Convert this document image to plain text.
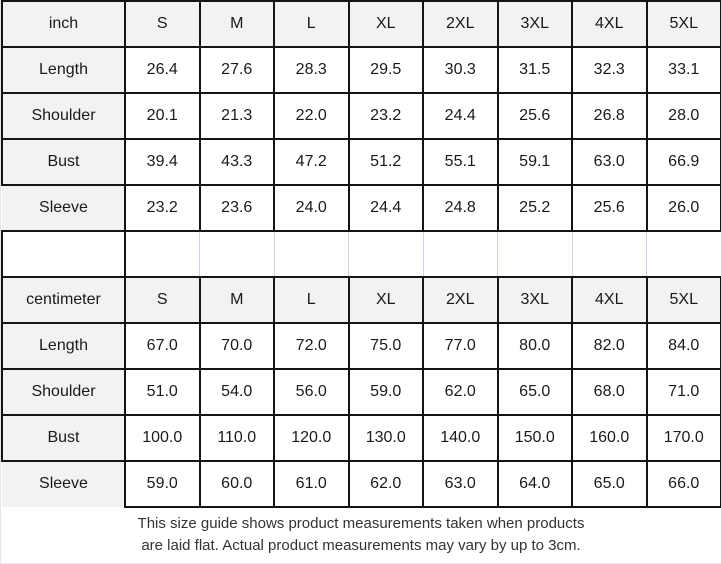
inch	S	M	L	XL	2XL	3XL	4XL	5XL
Length	26.4	27.6	28.3	29.5	30.3	31.5	32.3	33.1
Shoulder	20.1	21.3	22.0	23.2	24.4	25.6	26.8	28.0
Bust	39.4	43.3	47.2	51.2	55.1	59.1	63.0	66.9
Sleeve	23.2	23.6	24.0	24.4	24.8	25.2	25.6	26.0

centimeter	S	M	L	XL	2XL	3XL	4XL	5XL
Length	67.0	70.0	72.0	75.0	77.0	80.0	82.0	84.0
Shoulder	51.0	54.0	56.0	59.0	62.0	65.0	68.0	71.0
Bust	100.0	110.0	120.0	130.0	140.0	150.0	160.0	170.0
Sleeve	59.0	60.0	61.0	62.0	63.0	64.0	65.0	66.0
This size guide shows product measurements taken when products
are laid flat. Actual product measurements may vary by up to 3cm.
